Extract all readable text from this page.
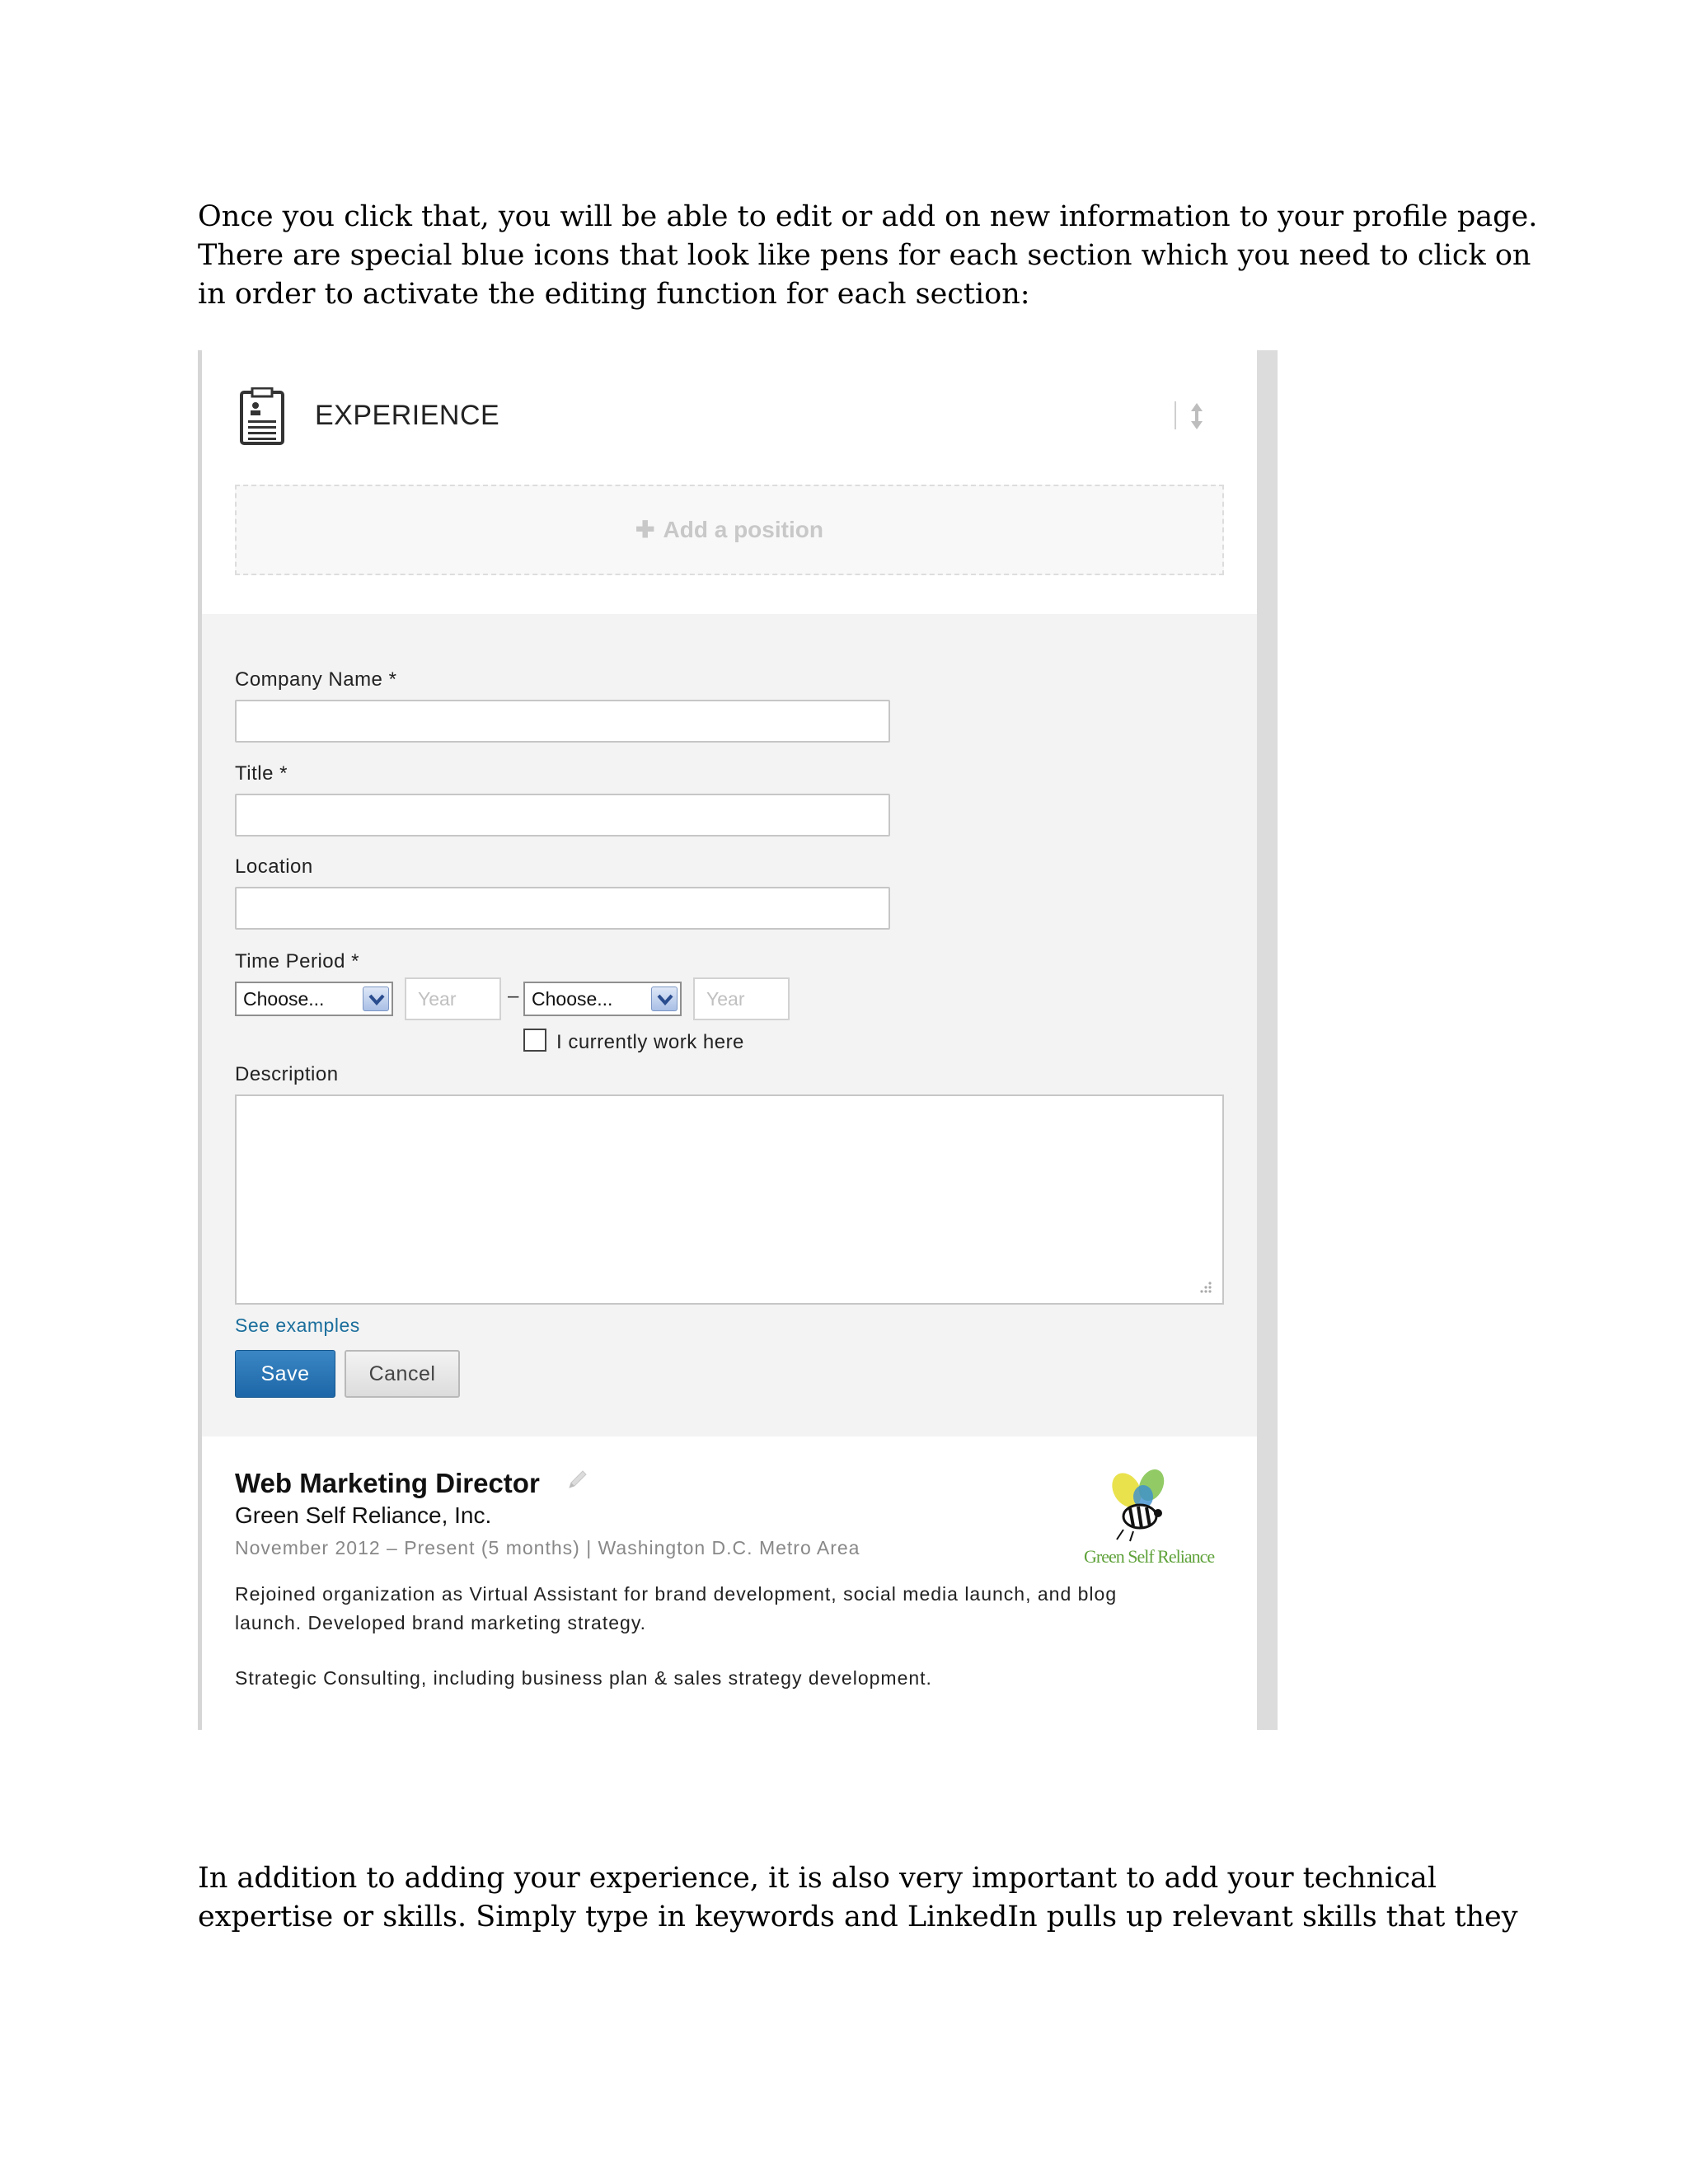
Once you click that, you will be able to edit or add on new information to your profile page.
There are special blue icons that look like pens for each section which you need to click on
in order to activate the editing function for each section:

EXPERIENCE
✚ Add a position
Company Name *
Title *
Location
Time Period *
Choose...	Year	– Choose...	Year
I currently work here
Description
See examples
Save	Cancel
Web Marketing Director
Green Self Reliance, Inc.
November 2012 – Present (5 months) | Washington D.C. Metro Area
Rejoined organization as Virtual Assistant for brand development, social media launch, and blog
launch. Developed brand marketing strategy.
Strategic Consulting, including business plan & sales strategy development.
Green Self Reliance

In addition to adding your experience, it is also very important to add your technical
expertise or skills. Simply type in keywords and LinkedIn pulls up relevant skills that they
